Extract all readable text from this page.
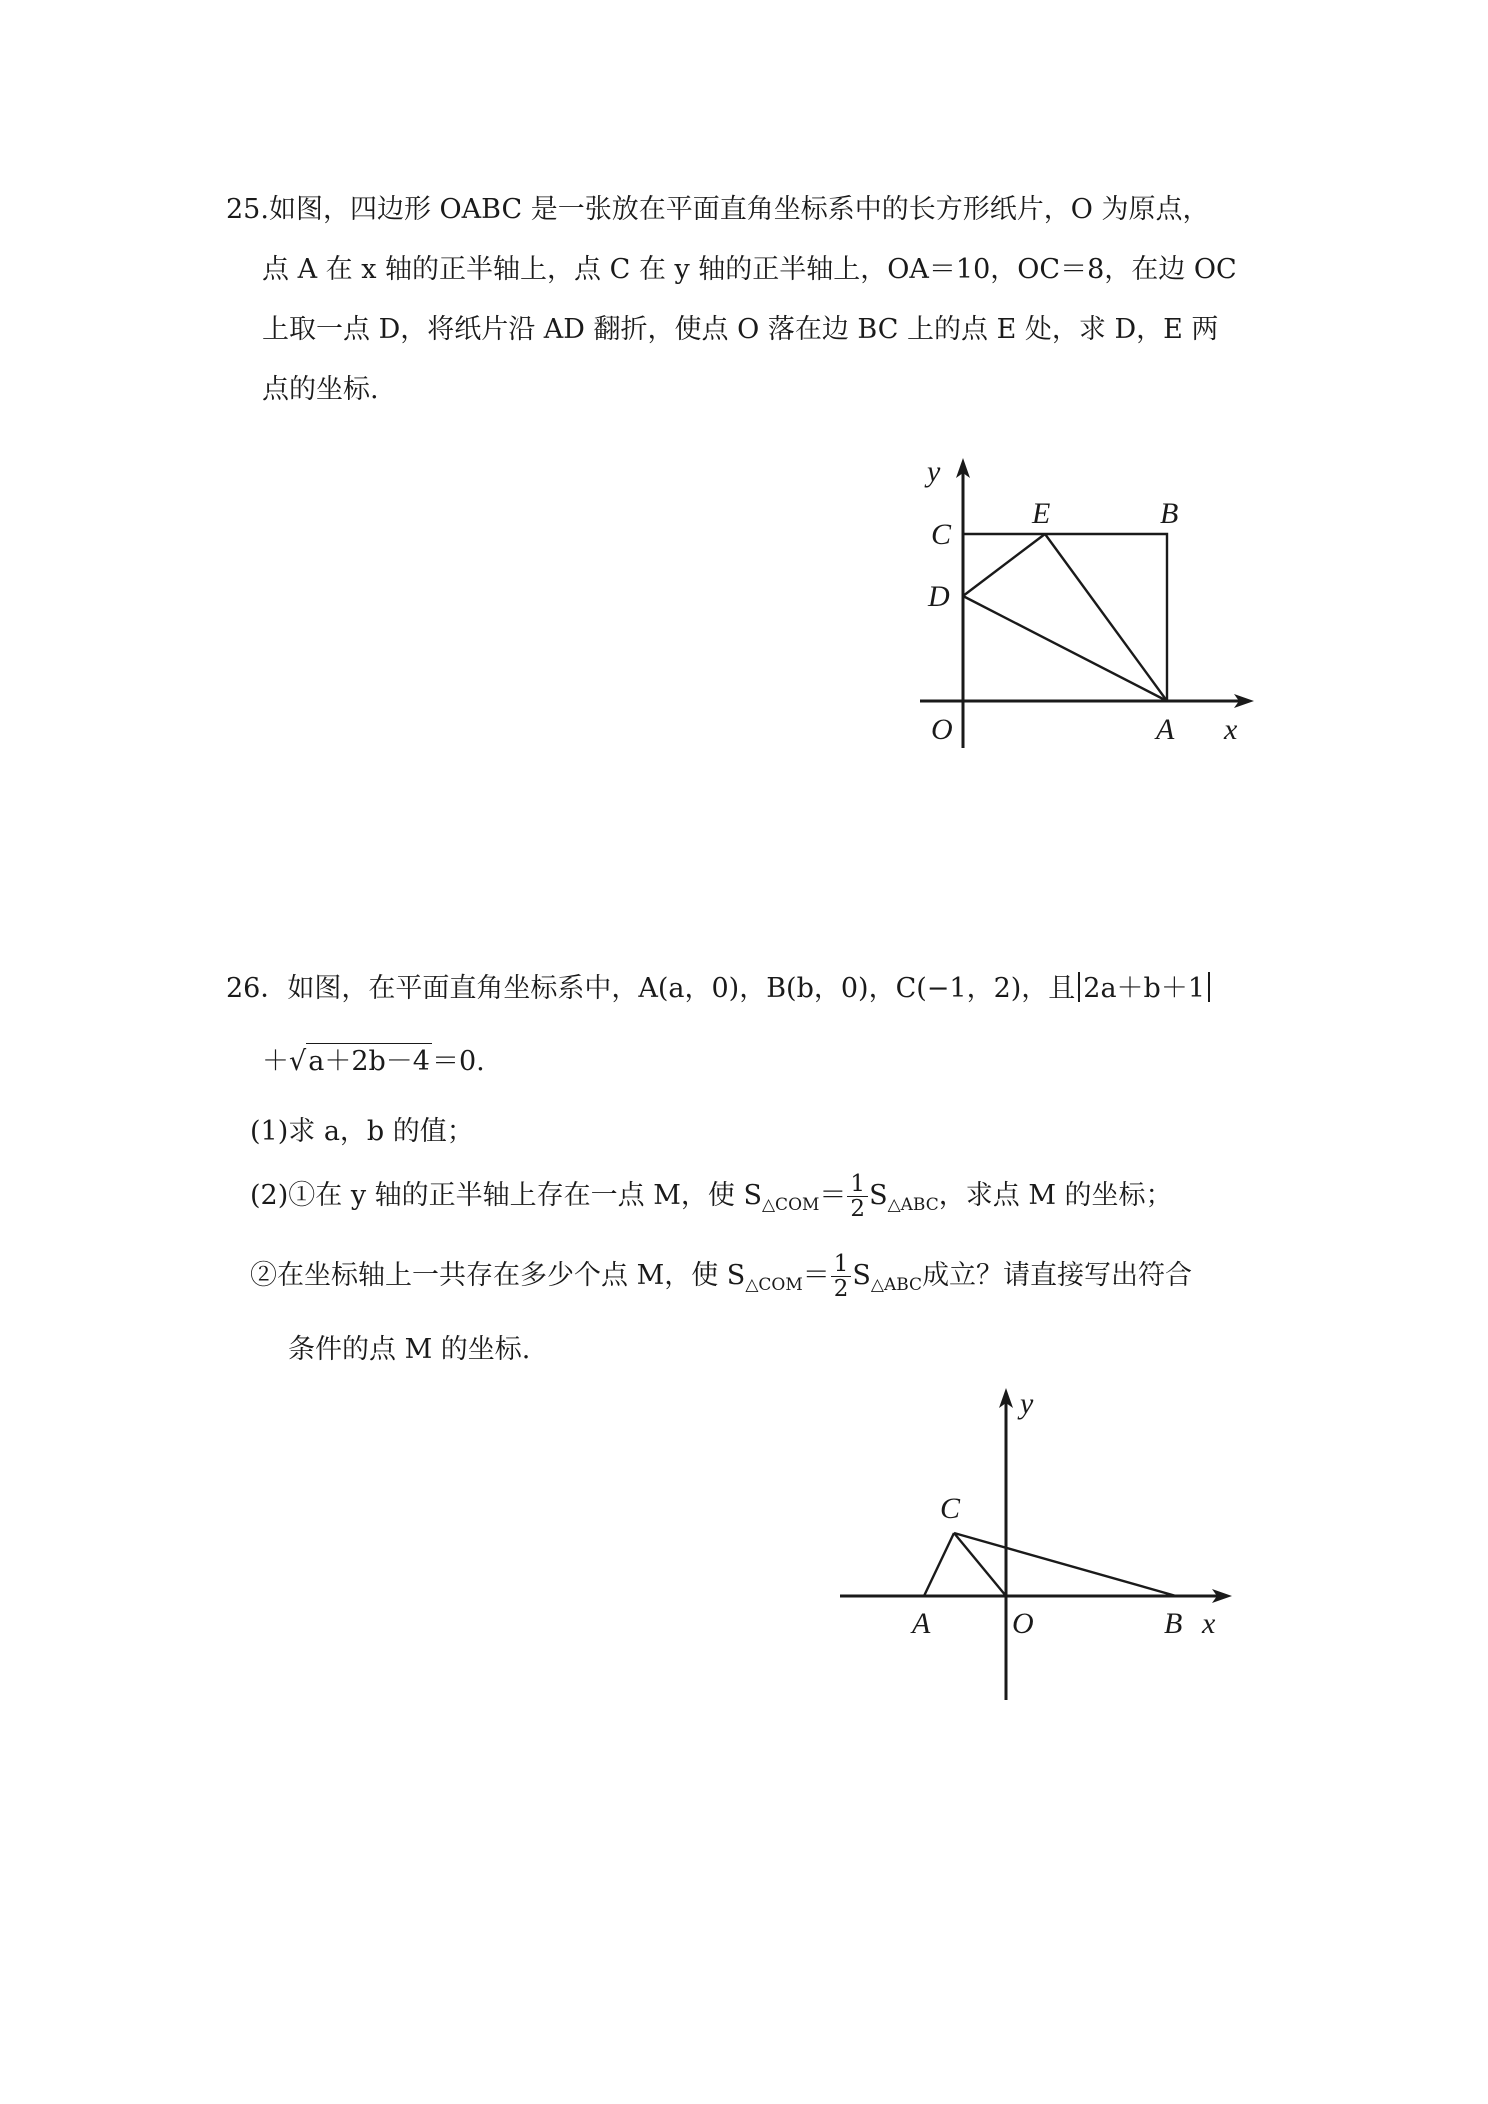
25.如图，四边形 OABC 是一张放在平面直角坐标系中的长方形纸片，O 为原点，
点 A 在 x 轴的正半轴上，点 C 在 y 轴的正半轴上，OA＝10，OC＝8，在边 OC
上取一点 D，将纸片沿 AD 翻折，使点 O 落在边 BC 上的点 E 处，求 D，E 两
点的坐标.
y
C
E	B
D
O	A x
26．如图，在平面直角坐标系中，A(a，0)，B(b，0)，C(−1，2)，且 2a＋b＋1
＋√a＋2b－4＝0.
(1)求 a，b 的值；
(2)①在 y 轴的正半轴上存在一点 M，使 $S_{\triangle COM}= \frac{1}{2} S_{\triangle ABC}$，求点 M 的坐标；
②在坐标轴上一共存在多少个点 M，使 $S_{\triangle COM}= \frac{1}{2} S_{\triangle ABC}$成立？请直接写出符合
条件的点 M 的坐标.
y
C
A	O	B x
